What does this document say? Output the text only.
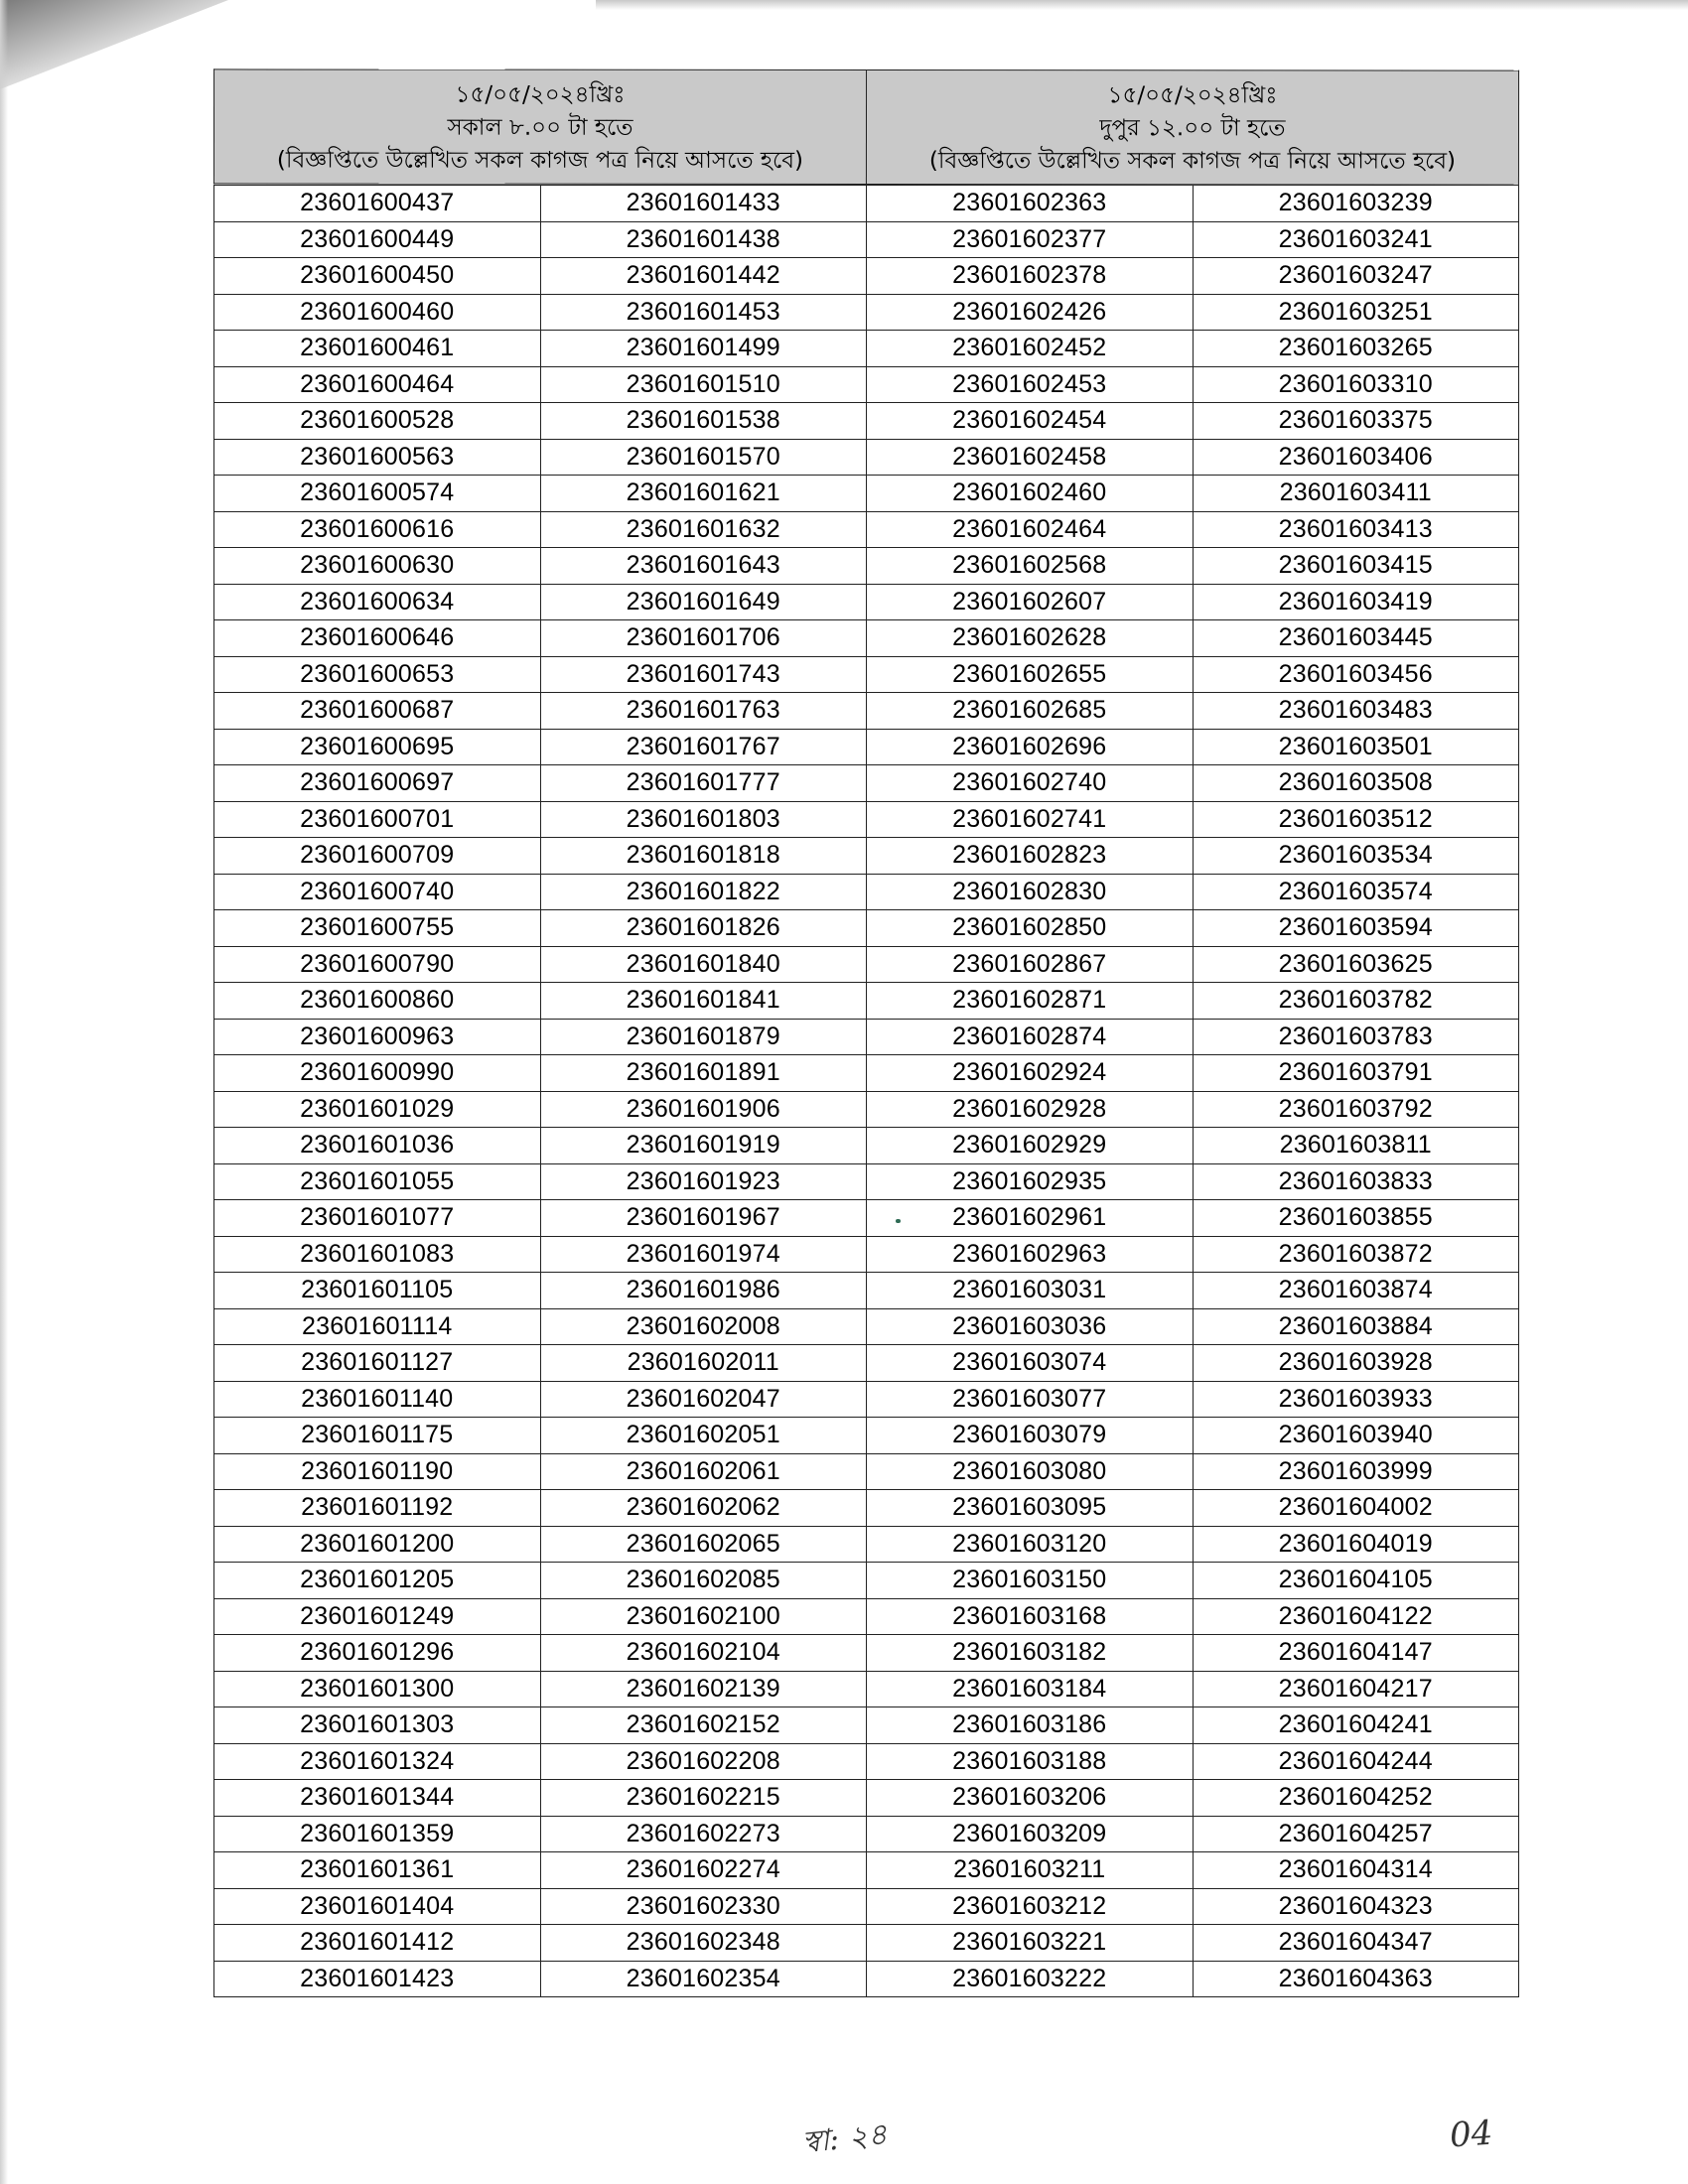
১৫/০৫/২০২৪খ্রিঃ
সকাল ৮.০০ টা হতে
(বিজ্ঞপ্তিতে উল্লেখিত সকল কাগজ পত্র নিয়ে আসতে হবে)

১৫/০৫/২০২৪খ্রিঃ
দুপুর ১২.০০ টা হতে
(বিজ্ঞপ্তিতে উল্লেখিত সকল কাগজ পত্র নিয়ে আসতে হবে)
23601600437	23601601433	23601602363	23601603239
23601600449	23601601438	23601602377	23601603241
23601600450	23601601442	23601602378	23601603247
23601600460	23601601453	23601602426	23601603251
23601600461	23601601499	23601602452	23601603265
23601600464	23601601510	23601602453	23601603310
23601600528	23601601538	23601602454	23601603375
23601600563	23601601570	23601602458	23601603406
23601600574	23601601621	23601602460	23601603411
23601600616	23601601632	23601602464	23601603413
23601600630	23601601643	23601602568	23601603415
23601600634	23601601649	23601602607	23601603419
23601600646	23601601706	23601602628	23601603445
23601600653	23601601743	23601602655	23601603456
23601600687	23601601763	23601602685	23601603483
23601600695	23601601767	23601602696	23601603501
23601600697	23601601777	23601602740	23601603508
23601600701	23601601803	23601602741	23601603512
23601600709	23601601818	23601602823	23601603534
23601600740	23601601822	23601602830	23601603574
23601600755	23601601826	23601602850	23601603594
23601600790	23601601840	23601602867	23601603625
23601600860	23601601841	23601602871	23601603782
23601600963	23601601879	23601602874	23601603783
23601600990	23601601891	23601602924	23601603791
23601601029	23601601906	23601602928	23601603792
23601601036	23601601919	23601602929	23601603811
23601601055	23601601923	23601602935	23601603833
23601601077	23601601967	23601602961	23601603855
23601601083	23601601974	23601602963	23601603872
23601601105	23601601986	23601603031	23601603874
23601601114	23601602008	23601603036	23601603884
23601601127	23601602011	23601603074	23601603928
23601601140	23601602047	23601603077	23601603933
23601601175	23601602051	23601603079	23601603940
23601601190	23601602061	23601603080	23601603999
23601601192	23601602062	23601603095	23601604002
23601601200	23601602065	23601603120	23601604019
23601601205	23601602085	23601603150	23601604105
23601601249	23601602100	23601603168	23601604122
23601601296	23601602104	23601603182	23601604147
23601601300	23601602139	23601603184	23601604217
23601601303	23601602152	23601603186	23601604241
23601601324	23601602208	23601603188	23601604244
23601601344	23601602215	23601603206	23601604252
23601601359	23601602273	23601603209	23601604257
23601601361	23601602274	23601603211	23601604314
23601601404	23601602330	23601603212	23601604323
23601601412	23601602348	23601603221	23601604347
23601601423	23601602354	23601603222	23601604363
স্বা: ২৪	04
